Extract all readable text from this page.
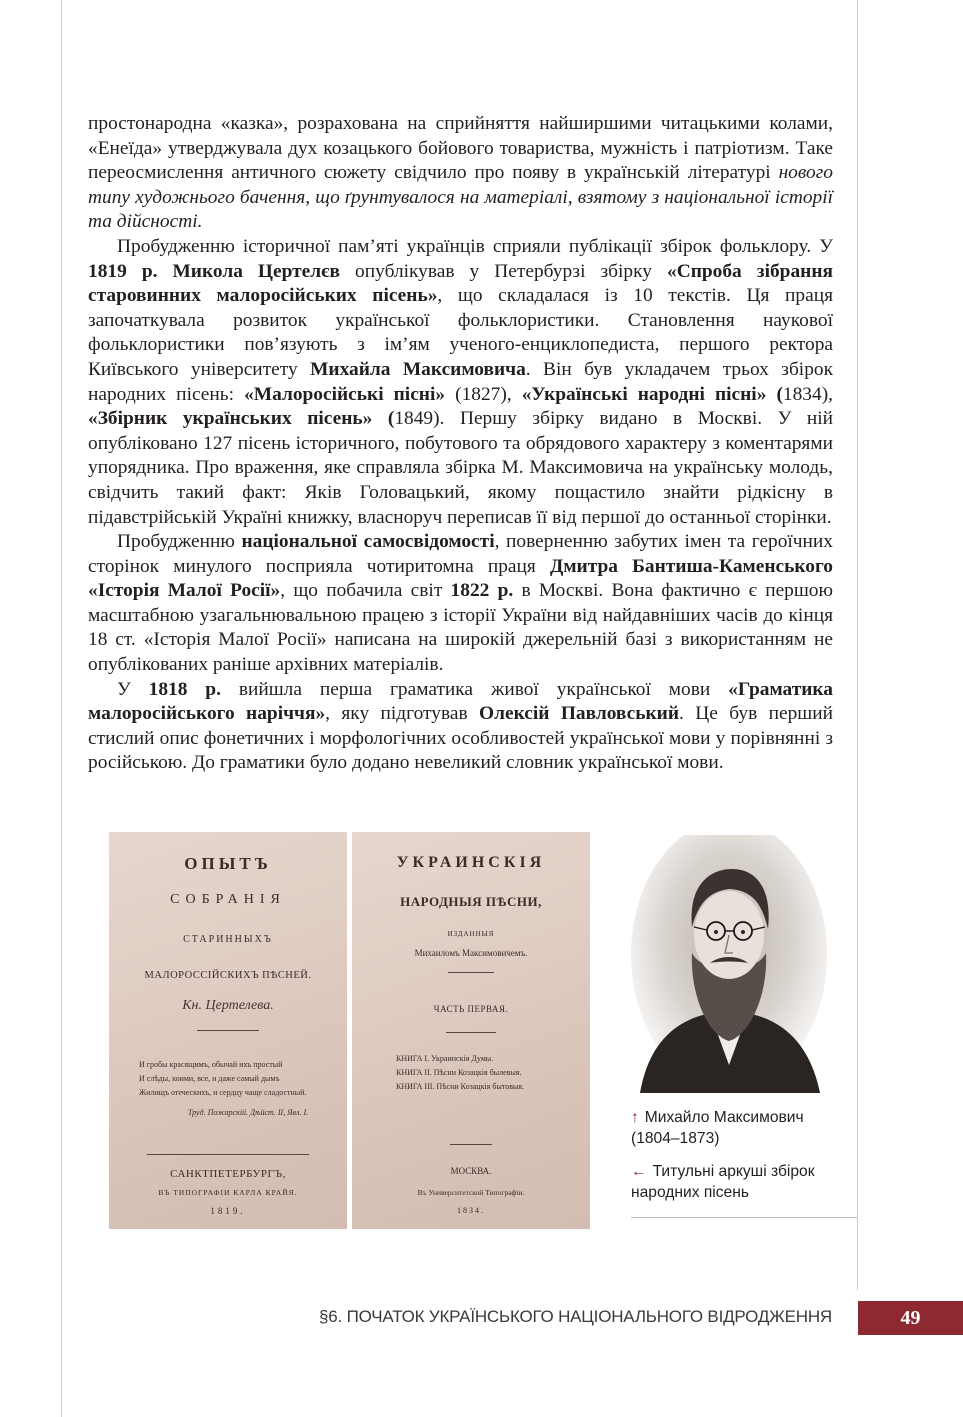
простонародна «казка», розрахована на сприйняття найширшими читацькими колами, «Енеїда» утверджувала дух козацького бойового товариства, мужність і патріотизм. Таке переосмислення античного сюжету свідчило про появу в українській літературі нового типу художнього бачення, що ґрунтувалося на матеріалі, взятому з національної історії та дійсності.

Пробудженню історичної пам’яті українців сприяли публікації збірок фольклору. У 1819 р. Микола Цертелєв опублікував у Петербурзі збірку «Спроба зібрання старовинних малоросійських пісень», що складалася із 10 текстів. Ця праця започаткувала розвиток української фольклористики. Становлення наукової фольклористики пов’язують з ім’ям ученого-енциклопедиста, першого ректора Київського університету Михайла Максимовича. Він був укладачем трьох збірок народних пісень: «Малоросійські пісні» (1827), «Українські народні пісні» (1834), «Збірник українських пісень» (1849). Першу збірку видано в Москві. У ній опубліковано 127 пісень історичного, побутового та обрядового характеру з коментарями упорядника. Про враження, яке справляла збірка М. Максимовича на українську молодь, свідчить такий факт: Яків Головацький, якому пощастило знайти рідкісну в підавстрійській Україні книжку, власноруч переписав її від першої до останньої сторінки.

Пробудженню національної самосвідомості, поверненню забутих імен та героїчних сторінок минулого посприяла чотиритомна праця Дмитра Бантиша-Каменського «Історія Малої Росії», що побачила світ 1822 р. в Москві. Вона фактично є першою масштабною узагальнювальною працею з історії України від найдавніших часів до кінця 18 ст. «Історія Малої Росії» написана на широкій джерельній базі з використанням не опублікованих раніше архівних матеріалів.

У 1818 р. вийшла перша граматика живої української мови «Граматика малоросійського наріччя», яку підготував Олексій Павловський. Це був перший стислий опис фонетичних і морфологічних особливостей української мови у порівнянні з російською. До граматики було додано невеликий словник української мови.

ОПЫТЪ
СОБРАНІЯ
СТАРИННЫХЪ
МАЛОРОССІЙСКИХЪ ПѢСНЕЙ.
Кн. Цертелева.
И гробы красящимъ, обычай ихъ простый
И слѣды, коими, все, и даже самый дымъ
Жилищъ отеческихъ, и сердцу чаще сладостный.
Труд. Пожарскій. Дѣйст. II, Явл. I.
САНКТПЕТЕРБУРГЪ,
ВЪ ТИПОГРАФІИ КАРЛА КРАЙЯ.
1819.
УКРАИНСКІЯ
НАРОДНЫЯ ПѢСНИ,
ИЗДАННЫЯ
Михаиломъ Максимовичемъ.
ЧАСТЬ ПЕРВАЯ.
КНИГА I. Украинскія Думы.
КНИГА II. Пѣсни Козацкія былевыя.
КНИГА III. Пѣсни Козацкія бытовыя.
МОСКВА.
Въ Университетской Типографіи.
1834.
↑ Михайло Максимович (1804–1873)
← Титульні аркуші збірок народних пісень
§6. ПОЧАТОК УКРАЇНСЬКОГО НАЦІОНАЛЬНОГО ВІДРОДЖЕННЯ	49
